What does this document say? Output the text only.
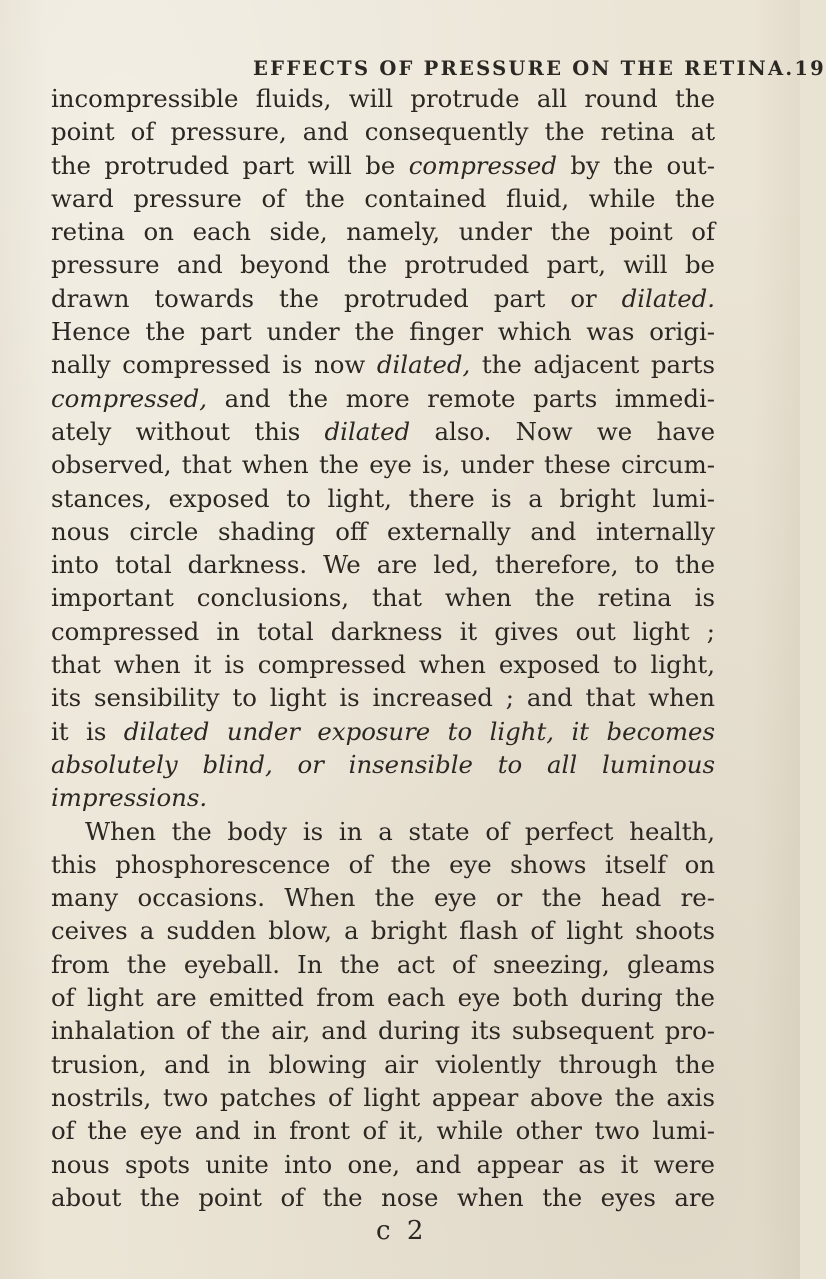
EFFECTS OF PRESSURE ON THE RETINA. 19
incompressible fluids, will protrude all round the
point of pressure, and consequently the retina at
the protruded part will be compressed by the out-
ward pressure of the contained fluid, while the
retina on each side, namely, under the point of
pressure and beyond the protruded part, will be
drawn towards the protruded part or dilated.
Hence the part under the finger which was origi-
nally compressed is now dilated, the adjacent parts
compressed, and the more remote parts immedi-
ately without this dilated also. Now we have
observed, that when the eye is, under these circum-
stances, exposed to light, there is a bright lumi-
nous circle shading off externally and internally
into total darkness. We are led, therefore, to the
important conclusions, that when the retina is
compressed in total darkness it gives out light ;
that when it is compressed when exposed to light,
its sensibility to light is increased ; and that when
it is dilated under exposure to light, it becomes
absolutely blind, or insensible to all luminous
impressions.
When the body is in a state of perfect health,
this phosphorescence of the eye shows itself on
many occasions. When the eye or the head re-
ceives a sudden blow, a bright flash of light shoots
from the eyeball. In the act of sneezing, gleams
of light are emitted from each eye both during the
inhalation of the air, and during its subsequent pro-
trusion, and in blowing air violently through the
nostrils, two patches of light appear above the axis
of the eye and in front of it, while other two lumi-
nous spots unite into one, and appear as it were
about the point of the nose when the eyes are
c 2
